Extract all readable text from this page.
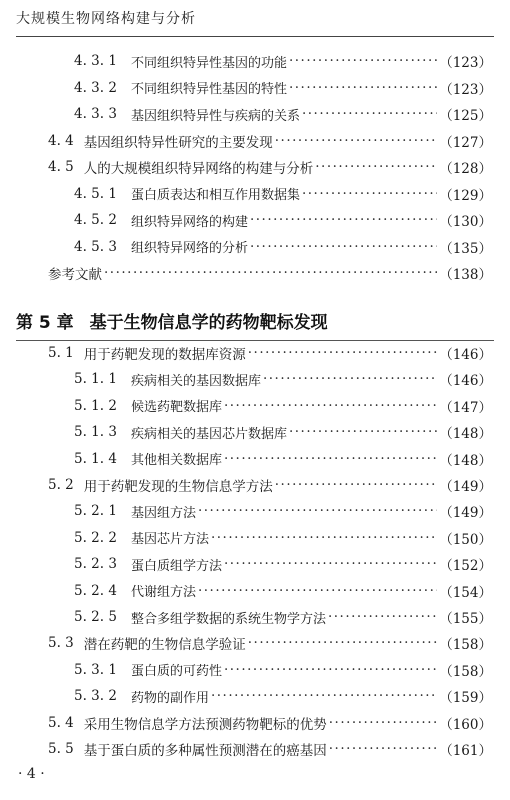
大规模生物网络构建与分析
4. 3. 1	不同组织特异性基因的功能 ·····	（123）
4. 3. 2	不同组织特异性基因的特性 ·····	（123）
4. 3. 3	基因组织特异性与疾病的关系 ·····	（125）
4. 4 基因组织特异性研究的主要发现 ·····	（127）
4. 5 人的大规模组织特异网络的构建与分析 ·····	（128）
4. 5. 1	蛋白质表达和相互作用数据集 ·····	（129）
4. 5. 2	组织特异网络的构建 ·····	（130）
4. 5. 3	组织特异网络的分析 ·····	（135）
参考文献 ·····	（138）
第 5 章 基于生物信息学的药物靶标发现
5. 1 用于药靶发现的数据库资源 ·····	（146）
5. 1. 1	疾病相关的基因数据库 ·····	（146）
5. 1. 2	候选药靶数据库 ·····	（147）
5. 1. 3	疾病相关的基因芯片数据库 ·····	（148）
5. 1. 4	其他相关数据库 ·····	（148）
5. 2 用于药靶发现的生物信息学方法 ·····	（149）
5. 2. 1	基因组方法 ·····	（149）
5. 2. 2	基因芯片方法 ·····	（150）
5. 2. 3	蛋白质组学方法 ·····	（152）
5. 2. 4	代谢组方法 ·····	（154）
5. 2. 5	整合多组学数据的系统生物学方法 ·····	（155）
5. 3 潜在药靶的生物信息学验证 ·····	（158）
5. 3. 1	蛋白质的可药性 ·····	（158）
5. 3. 2	药物的副作用 ·····	（159）
5. 4 采用生物信息学方法预测药物靶标的优势 ·····	（160）
5. 5 基于蛋白质的多种属性预测潜在的癌基因 ·····	（161）
· 4 ·
